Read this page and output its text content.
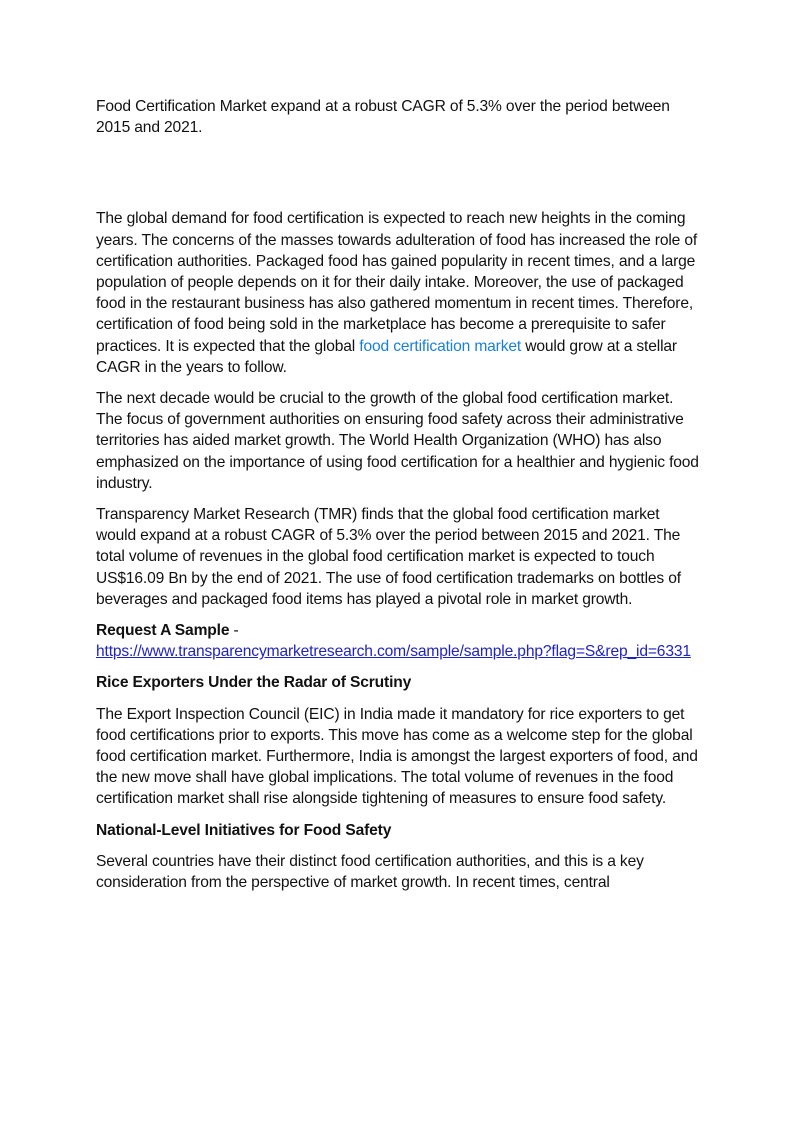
Food Certification Market expand at a robust CAGR of 5.3% over the period between 2015 and 2021.

The global demand for food certification is expected to reach new heights in the coming years. The concerns of the masses towards adulteration of food has increased the role of certification authorities. Packaged food has gained popularity in recent times, and a large population of people depends on it for their daily intake. Moreover, the use of packaged food in the restaurant business has also gathered momentum in recent times. Therefore, certification of food being sold in the marketplace has become a prerequisite to safer practices. It is expected that the global food certification market would grow at a stellar CAGR in the years to follow.

The next decade would be crucial to the growth of the global food certification market. The focus of government authorities on ensuring food safety across their administrative territories has aided market growth. The World Health Organization (WHO) has also emphasized on the importance of using food certification for a healthier and hygienic food industry.

Transparency Market Research (TMR) finds that the global food certification market would expand at a robust CAGR of 5.3% over the period between 2015 and 2021. The total volume of revenues in the global food certification market is expected to touch US$16.09 Bn by the end of 2021. The use of food certification trademarks on bottles of beverages and packaged food items has played a pivotal role in market growth.

Request A Sample -
https://www.transparencymarketresearch.com/sample/sample.php?flag=S&rep_id=6331

Rice Exporters Under the Radar of Scrutiny

The Export Inspection Council (EIC) in India made it mandatory for rice exporters to get food certifications prior to exports. This move has come as a welcome step for the global food certification market. Furthermore, India is amongst the largest exporters of food, and the new move shall have global implications. The total volume of revenues in the food certification market shall rise alongside tightening of measures to ensure food safety.

National-Level Initiatives for Food Safety

Several countries have their distinct food certification authorities, and this is a key consideration from the perspective of market growth. In recent times, central
